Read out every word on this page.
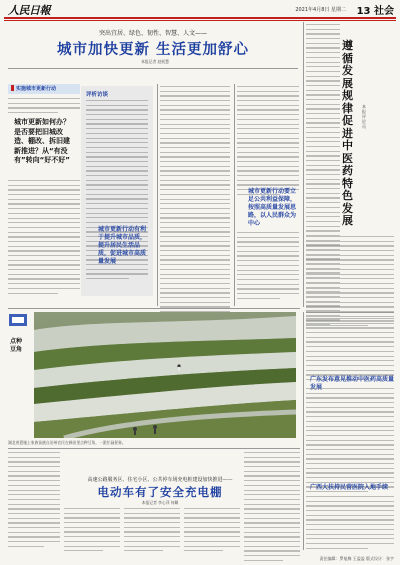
人民日報	2021年4月8日 星期二 13 社会
突出宜居、绿色、韧性、智慧、人文——
城市加快更新 生活更加舒心
本报记者 赵展慧
实施城市更新行动
城市更新如何办？是否要把旧城改造、棚改、拆旧建新推进？从“有没有”转向“好不好”
评析访谈
城市更新行动有利于提升城市品质，提升居民生活品质，促进城市高质量发展
城市更新行动要立足公共利益保障，按照高质量发展思路，以人民群众为中心
遵循发展规律促进中医药特色发展
本报评论员
广东发布意见推动中医药高质量
广西大扶持民营医院入地手续
点种豆角
湖北省恩施土家族苗族自治州农民在梯田里点种豆角，一派忙碌景象。
高速公路服务区、住宅小区、公共停车场充电桩建设加快推进——
电动车有了安全充电棚
本报记者 李心萍 何璐
责任编辑：罗旭梅 王盈盈 版式设计：张宇
